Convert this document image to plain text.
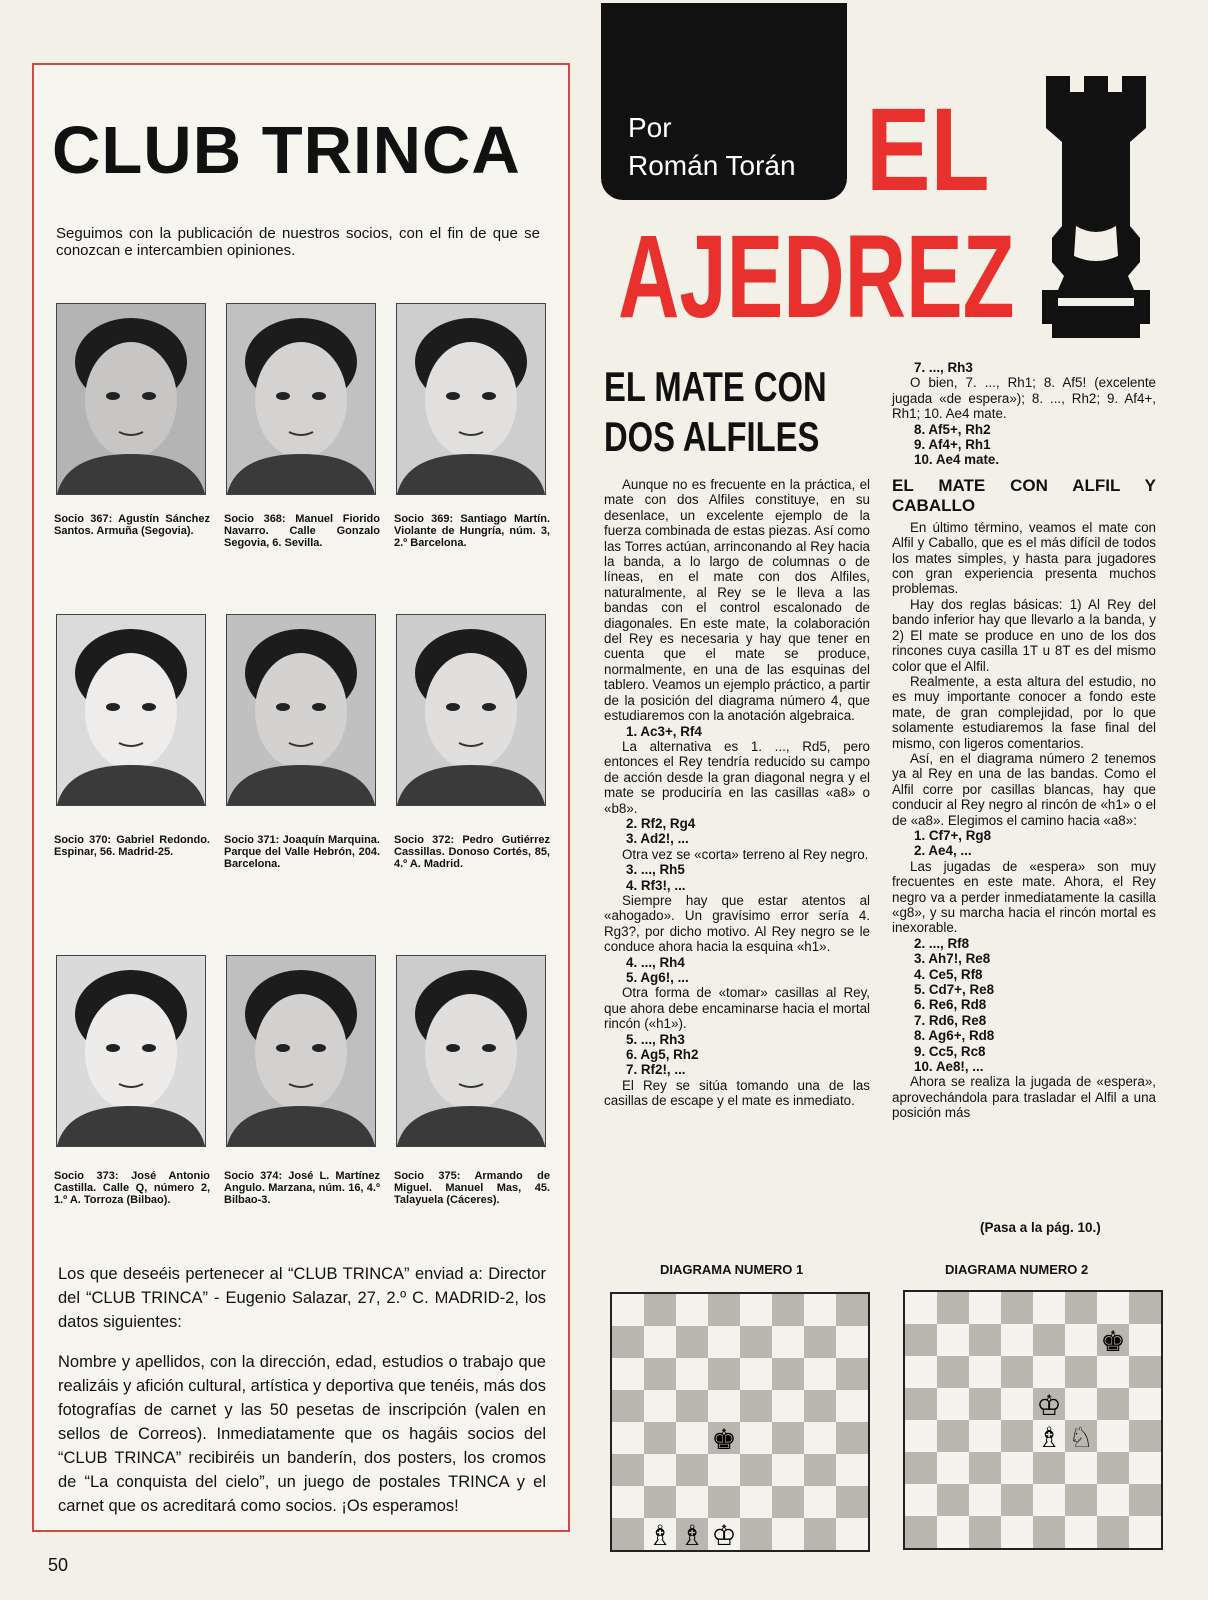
CLUB TRINCA
Seguimos con la publicación de nuestros socios, con el fin de que se conozcan e intercambien opiniones.
Socio 367: Agustín Sánchez Santos. Armuña (Segovia).
Socio 368: Manuel Fiorido Navarro. Calle Gonzalo Segovia, 6. Sevilla.
Socio 369: Santiago Martín. Violante de Hungría, núm. 3, 2.º Barcelona.
Socio 370: Gabriel Redondo. Espinar, 56. Madrid-25.
Socio 371: Joaquín Marquina. Parque del Valle Hebrón, 204. Barcelona.
Socio 372: Pedro Gutiérrez Cassillas. Donoso Cortés, 85, 4.º A. Madrid.
Socio 373: José Antonio Castilla. Calle Q, número 2, 1.º A. Torroza (Bilbao).
Socio 374: José L. Martínez Angulo. Marzana, núm. 16, 4.º Bilbao-3.
Socio 375: Armando de Miguel. Manuel Mas, 45. Talayuela (Cáceres).
Los que deseéis pertenecer al “CLUB TRINCA” enviad a: Director del “CLUB TRINCA” - Eugenio Salazar, 27, 2.º C. MADRID-2, los datos siguientes:
Nombre y apellidos, con la dirección, edad, estudios o trabajo que realizáis y afición cultural, artística y deportiva que tenéis, más dos fotografías de carnet y las 50 pesetas de inscripción (valen en sellos de Correos). Inmediatamente que os hagáis socios del “CLUB TRINCA” recibiréis un banderín, dos posters, los cromos de “La conquista del cielo”, un juego de postales TRINCA y el carnet que os acreditará como socios. ¡Os esperamos!
50
Por
Román Torán EL
AJEDREZ
EL MATE CON
DOS ALFILES

Aunque no es frecuente en la práctica, el mate con dos Alfiles constituye, en su desenlace, un excelente ejemplo de la fuerza combinada de estas piezas. Así como las Torres actúan, arrinconando al Rey hacia la banda, a lo largo de columnas o de líneas, en el mate con dos Alfiles, naturalmente, al Rey se le lleva a las bandas con el control escalonado de diagonales. En este mate, la colaboración del Rey es necesaria y hay que tener en cuenta que el mate se produce, normalmente, en una de las esquinas del tablero. Veamos un ejemplo práctico, a partir de la posición del diagrama número 4, que estudiaremos con la anotación algebraica.

1. Ac3+, Rf4

La alternativa es 1. ..., Rd5, pero entonces el Rey tendría reducido su campo de acción desde la gran diagonal negra y el mate se produciría en las casillas «a8» o «b8».

2. Rf2, Rg4

3. Ad2!, ...

Otra vez se «corta» terreno al Rey negro.

3. ..., Rh5

4. Rf3!, ...

Siempre hay que estar atentos al «ahogado». Un gravísimo error sería 4. Rg3?, por dicho motivo. Al Rey negro se le conduce ahora hacia la esquina «h1».

4. ..., Rh4

5. Ag6!, ...

Otra forma de «tomar» casillas al Rey, que ahora debe encaminarse hacia el mortal rincón («h1»).

5. ..., Rh3

6. Ag5, Rh2

7. Rf2!, ...

El Rey se sitúa tomando una de las casillas de escape y el mate es inmediato.

7. ..., Rh3

O bien, 7. ..., Rh1; 8. Af5! (excelente jugada «de espera»); 8. ..., Rh2; 9. Af4+, Rh1; 10. Ae4 mate.

8. Af5+, Rh2

9. Af4+, Rh1

10. Ae4 mate.

EL MATE CON ALFIL Y CABALLO

En último término, veamos el mate con Alfil y Caballo, que es el más difícil de todos los mates simples, y hasta para jugadores con gran experiencia presenta muchos problemas.

Hay dos reglas básicas: 1) Al Rey del bando inferior hay que llevarlo a la banda, y 2) El mate se produce en uno de los dos rincones cuya casilla 1T u 8T es del mismo color que el Alfil.

Realmente, a esta altura del estudio, no es muy importante conocer a fondo este mate, de gran complejidad, por lo que solamente estudiaremos la fase final del mismo, con ligeros comentarios.

Así, en el diagrama número 2 tenemos ya al Rey en una de las bandas. Como el Alfil corre por casillas blancas, hay que conducir al Rey negro al rincón de «h1» o el de «a8». Elegimos el camino hacia «a8»:

1. Cf7+, Rg8

2. Ae4, ...

Las jugadas de «espera» son muy frecuentes en este mate. Ahora, el Rey negro va a perder inmediatamente la casilla «g8», y su marcha hacia el rincón mortal es inexorable.

2. ..., Rf8

3. Ah7!, Re8

4. Ce5, Rf8

5. Cd7+, Re8

6. Re6, Rd8

7. Rd6, Re8

8. Ag6+, Rd8

9. Cc5, Rc8

10. Ae8!, ...

Ahora se realiza la jugada de «espera», aprovechándola para trasladar el Alfil a una posición más

(Pasa a la pág. 10.)
DIAGRAMA NUMERO 1	DIAGRAMA NUMERO 2
♚
♗ ♗ ♔
♚
♔
♗ ♘
